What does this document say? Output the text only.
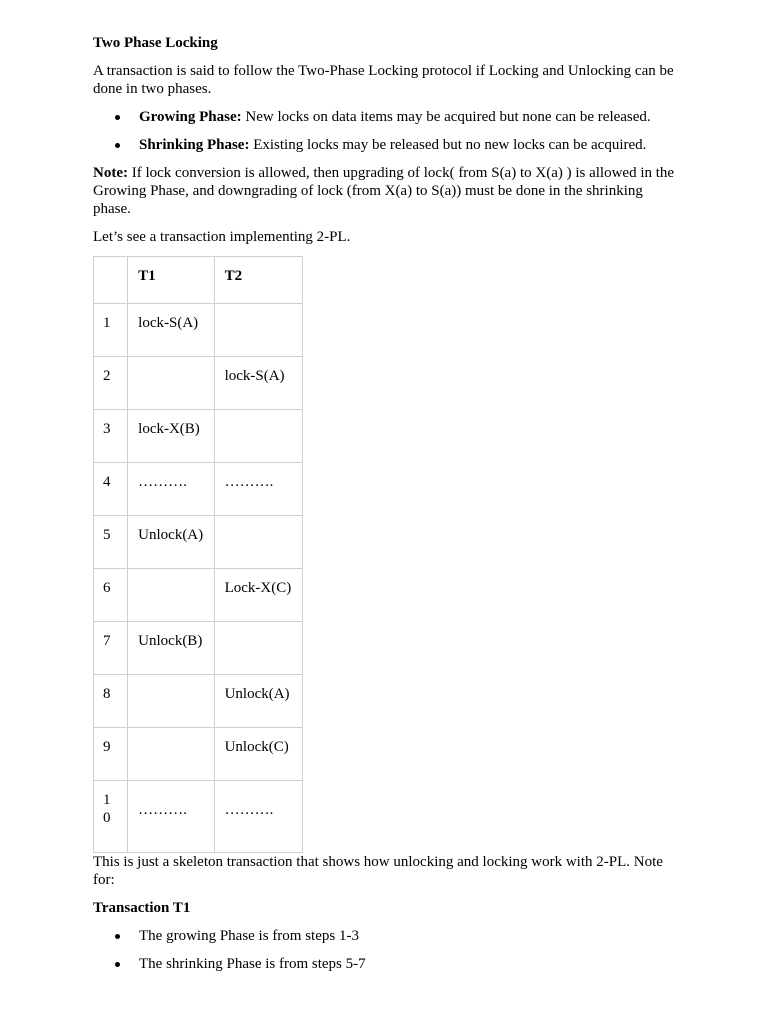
Two Phase Locking

A transaction is said to follow the Two-Phase Locking protocol if Locking and Unlocking can be done in two phases.

Growing Phase: New locks on data items may be acquired but none can be released.
Shrinking Phase: Existing locks may be released but no new locks can be acquired.

Note: If lock conversion is allowed, then upgrading of lock( from S(a) to X(a) ) is allowed in the Growing Phase, and downgrading of lock (from X(a) to S(a)) must be done in the shrinking phase.

Let’s see a transaction implementing 2-PL.

	T1	T2

1	lock-S(A)	

2		lock-S(A)

3	lock-X(B)	

4	……….	……….

5	Unlock(A)	

6		Lock-X(C)

7	Unlock(B)	

8		Unlock(A)

9		Unlock(C)

10	……….	……….

This is just a skeleton transaction that shows how unlocking and locking work with 2-PL. Note for:

Transaction T1

The growing Phase is from steps 1-3
The shrinking Phase is from steps 5-7
